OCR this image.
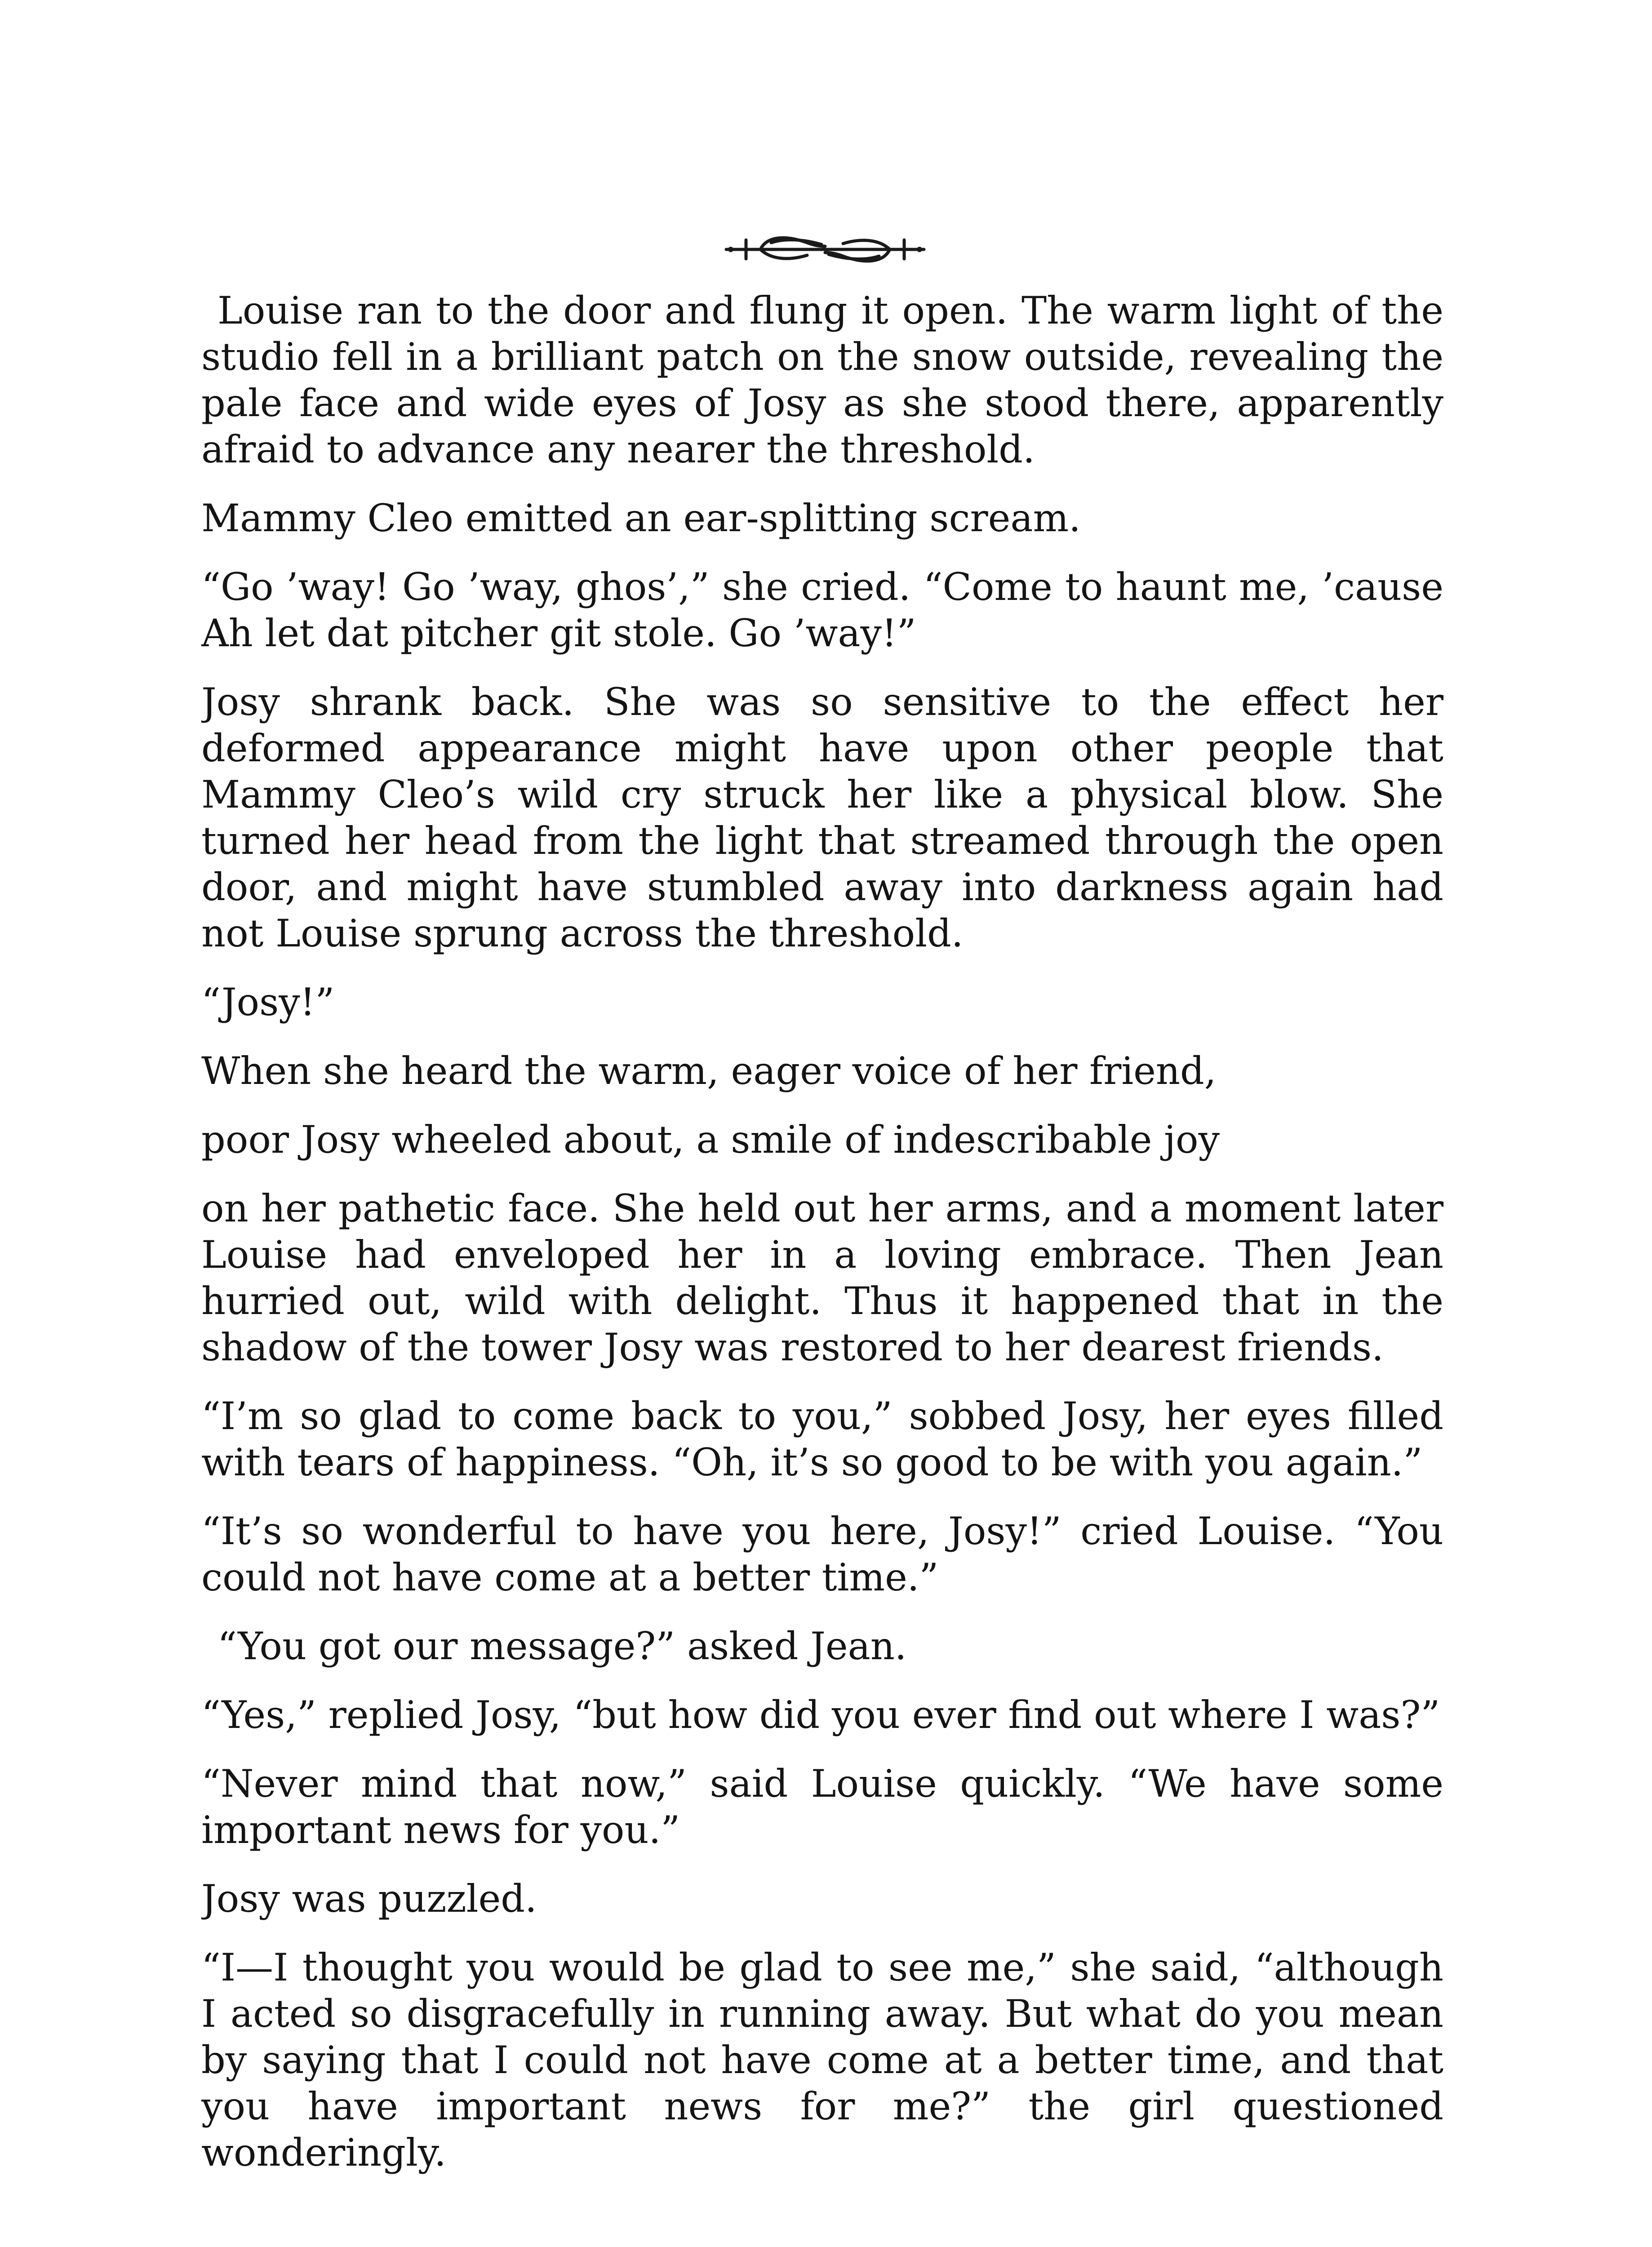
Louise ran to the door and flung it open. The warm light of the studio fell in a brilliant patch on the snow outside, revealing the pale face and wide eyes of Josy as she stood there, apparently afraid to advance any nearer the threshold.

Mammy Cleo emitted an ear-splitting scream.

“Go ’way! Go ’way, ghos’,” she cried. “Come to haunt me, ’cause Ah let dat pitcher git stole. Go ’way!”

Josy shrank back. She was so sensitive to the effect her deformed appearance might have upon other people that Mammy Cleo’s wild cry struck her like a physical blow. She turned her head from the light that streamed through the open door, and might have stumbled away into darkness again had not Louise sprung across the threshold.

“Josy!”

When she heard the warm, eager voice of her friend,

poor Josy wheeled about, a smile of indescribable joy

on her pathetic face. She held out her arms, and a moment later Louise had enveloped her in a loving embrace. Then Jean hurried out, wild with delight. Thus it happened that in the shadow of the tower Josy was restored to her dearest friends.

“I’m so glad to come back to you,” sobbed Josy, her eyes filled with tears of happiness. “Oh, it’s so good to be with you again.”

“It’s so wonderful to have you here, Josy!” cried Louise. “You could not have come at a better time.”

“You got our message?” asked Jean.

“Yes,” replied Josy, “but how did you ever find out where I was?”

“Never mind that now,” said Louise quickly. “We have some important news for you.”

Josy was puzzled.

“I—I thought you would be glad to see me,” she said, “although I acted so disgracefully in running away. But what do you mean by saying that I could not have come at a better time, and that you have important news for me?” the girl questioned wonderingly.
